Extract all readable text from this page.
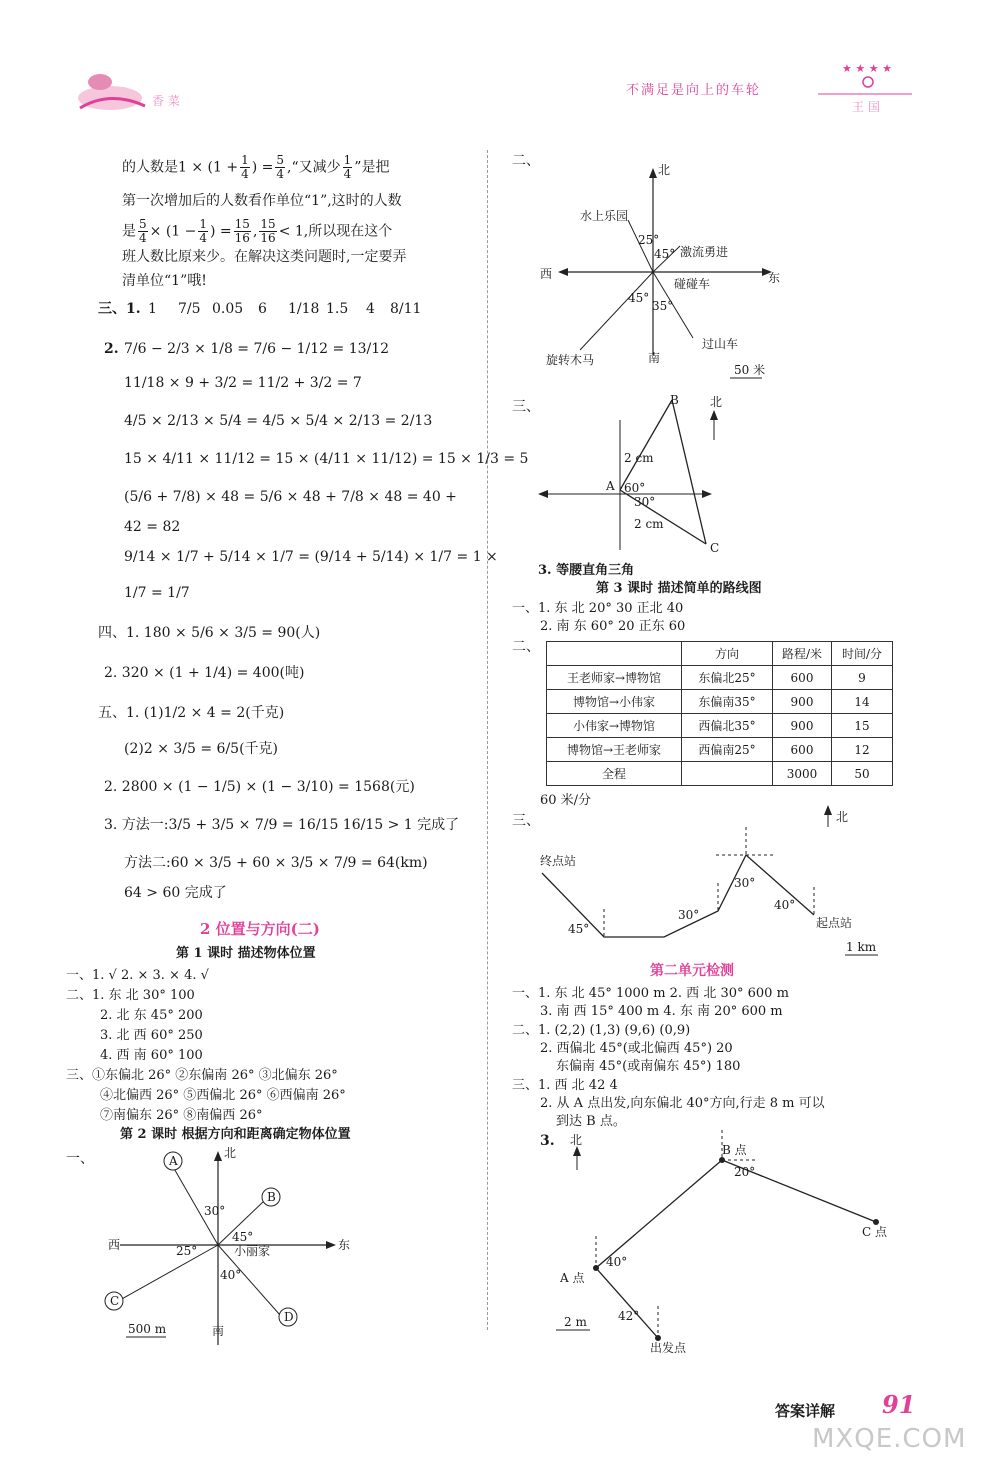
香 菜
不满足是向上的车轮
★ ★ ★ ★
王 国
的人数是$1 \times (1 + \frac{1}{4}$ ) = $\frac{5}{4}$ ,“又减少 $\frac{1}{4}$ ”是把
第一次增加后的人数看作单位“1”,这时的人数
是 $\frac{5}{4} \times (1 - \frac{1}{4}$ ) = $\frac{15}{16}$ , $\frac{15}{16} < 1$,所以现在这个
班人数比原来少。在解决这类问题时,一定要弄
清单位“1”哦!
三、1. 1 7/5 0.05 6 1/18 1.5 4 8/11
2. 7/6 − 2/3 × 1/8 = 7/6 − 1/12 = 13/12
11/18 × 9 + 3/2 = 11/2 + 3/2 = 7
4/5 × 2/13 × 5/4 = 4/5 × 5/4 × 2/13 = 2/13
15 × 4/11 × 11/12 = 15 × (4/11 × 11/12) = 15 × 1/3 = 5
(5/6 + 7/8) × 48 = 5/6 × 48 + 7/8 × 48 = 40 +
42 = 82
9/14 × 1/7 + 5/14 × 1/7 = (9/14 + 5/14) × 1/7 = 1 ×
1/7 = 1/7
四、1. 180 × 5/6 × 3/5 = 90(人)
2. 320 × (1 + 1/4) = 400(吨)
五、1. (1)1/2 × 4 = 2(千克)
(2)2 × 3/5 = 6/5(千克)
2. 2800 × (1 − 1/5) × (1 − 3/10) = 1568(元)
3. 方法一:3/5 + 3/5 × 7/9 = 16/15 16/15 > 1 完成了
方法二:60 × 3/5 + 60 × 3/5 × 7/9 = 64(km)
64 > 60 完成了
2 位置与方向(二)
第 1 课时 描述物体位置
一、1. √ 2. × 3. × 4. √
二、1. 东 北 30° 100
2. 北 东 45° 200
3. 北 西 60° 250
4. 西 南 60° 100
三、①东偏北 26° ②东偏南 26° ③北偏东 26°
④北偏西 26° ⑤西偏北 26° ⑥西偏南 26°
⑦南偏东 26° ⑧南偏西 26°
第 2 课时 根据方向和距离确定物体位置
一、	A
B
C
D
北
南
西	东
30°
45°
25°
40°
小丽家
500 m
二、
北
南
西	东
水上乐园
激流勇进
碰碰车
过山车
旋转木马
25°
45°
45°
35°
50 米
三、	B
A
C
北
60°
30°
2 cm
2 cm
3. 等腰直角三角
第 3 课时 描述简单的路线图
一、1. 东 北 20° 30 正北 40
2. 南 东 60° 20 正东 60
二、
		方向	路程/米	时间/分
王老师家→博物馆	东偏北25°	600	9
博物馆→小伟家	东偏南35°	900	14
小伟家→博物馆	西偏北35°	900	15
博物馆→王老师家	西偏南25°	600	12
全程		3000	50
60 米/分
三、	北
终点站
起点站
45°
30°
30°
40°
1 km
第二单元检测
一、1. 东 北 45° 1000 m 2. 西 北 30° 600 m
3. 南 西 15° 400 m 4. 东 南 20° 600 m
二、1. (2,2) (1,3) (9,6) (0,9)
2. 西偏北 45°(或北偏西 45°) 20
东偏南 45°(或南偏东 45°) 180
三、1. 西 北 42 4
2. 从 A 点出发,向东偏北 40°方向,行走 8 m 可以
到达 B 点。
3. 北
B 点
C 点
A 点
出发点
20°
40°
42°
2 m
答案详解 91
MXQE.COM
